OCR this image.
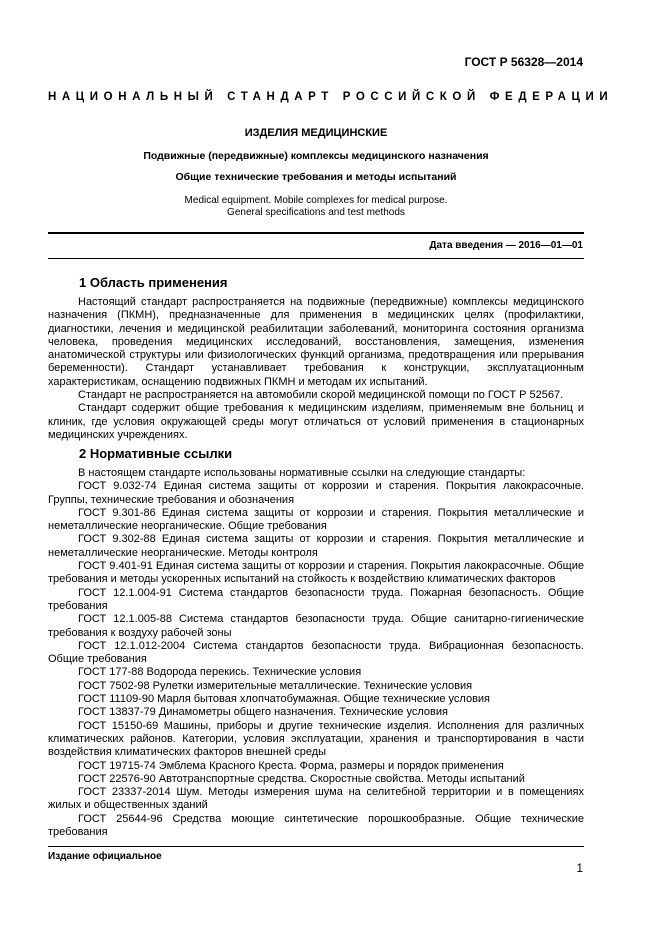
ГОСТ Р 56328—2014
НАЦИОНАЛЬНЫЙ СТАНДАРТ РОССИЙСКОЙ ФЕДЕРАЦИИ
ИЗДЕЛИЯ МЕДИЦИНСКИЕ
Подвижные (передвижные) комплексы медицинского назначения
Общие технические требования и методы испытаний
Medical equipment. Mobile complexes for medical purpose.
General specifications and test methods
Дата введения — 2016—01—01
1 Область применения

Настоящий стандарт распространяется на подвижные (передвижные) комплексы медицинского назначения (ПКМН), предназначенные для применения в медицинских целях (профилактики, диагностики, лечения и медицинской реабилитации заболеваний, мониторинга состояния организма человека, проведения медицинских исследований, восстановления, замещения, изменения анатомической структуры или физиологических функций организма, предотвращения или прерывания беременности). Стандарт устанавливает требования к конструкции, эксплуатационным характеристикам, оснащению подвижных ПКМН и методам их испытаний.

Стандарт не распространяется на автомобили скорой медицинской помощи по ГОСТ Р 52567.

Стандарт содержит общие требования к медицинским изделиям, применяемым вне больниц и клиник, где условия окружающей среды могут отличаться от условий применения в стационарных медицинских учреждениях.

2 Нормативные ссылки

В настоящем стандарте использованы нормативные ссылки на следующие стандарты:

ГОСТ 9.032-74 Единая система защиты от коррозии и старения. Покрытия лакокрасочные. Группы, технические требования и обозначения

ГОСТ 9.301-86 Единая система защиты от коррозии и старения. Покрытия металлические и неметаллические неорганические. Общие требования

ГОСТ 9.302-88 Единая система защиты от коррозии и старения. Покрытия металлические и неметаллические неорганические. Методы контроля

ГОСТ 9.401-91 Единая система защиты от коррозии и старения. Покрытия лакокрасочные. Общие требования и методы ускоренных испытаний на стойкость к воздействию климатических факторов

ГОСТ 12.1.004-91 Система стандартов безопасности труда. Пожарная безопасность. Общие требования

ГОСТ 12.1.005-88 Система стандартов безопасности труда. Общие санитарно-гигиенические требования к воздуху рабочей зоны

ГОСТ 12.1.012-2004 Система стандартов безопасности труда. Вибрационная безопасность. Общие требования

ГОСТ 177-88 Водорода перекись. Технические условия

ГОСТ 7502-98 Рулетки измерительные металлические. Технические условия

ГОСТ 11109-90 Марля бытовая хлопчатобумажная. Общие технические условия

ГОСТ 13837-79 Динамометры общего назначения. Технические условия

ГОСТ 15150-69 Машины, приборы и другие технические изделия. Исполнения для различных климатических районов. Категории, условия эксплуатации, хранения и транспортирования в части воздействия климатических факторов внешней среды

ГОСТ 19715-74 Эмблема Красного Креста. Форма, размеры и порядок применения

ГОСТ 22576-90 Автотранспортные средства. Скоростные свойства. Методы испытаний

ГОСТ 23337-2014 Шум. Методы измерения шума на селитебной территории и в помещениях жилых и общественных зданий

ГОСТ 25644-96 Средства моющие синтетические порошкообразные. Общие технические требования

Издание официальное
1
